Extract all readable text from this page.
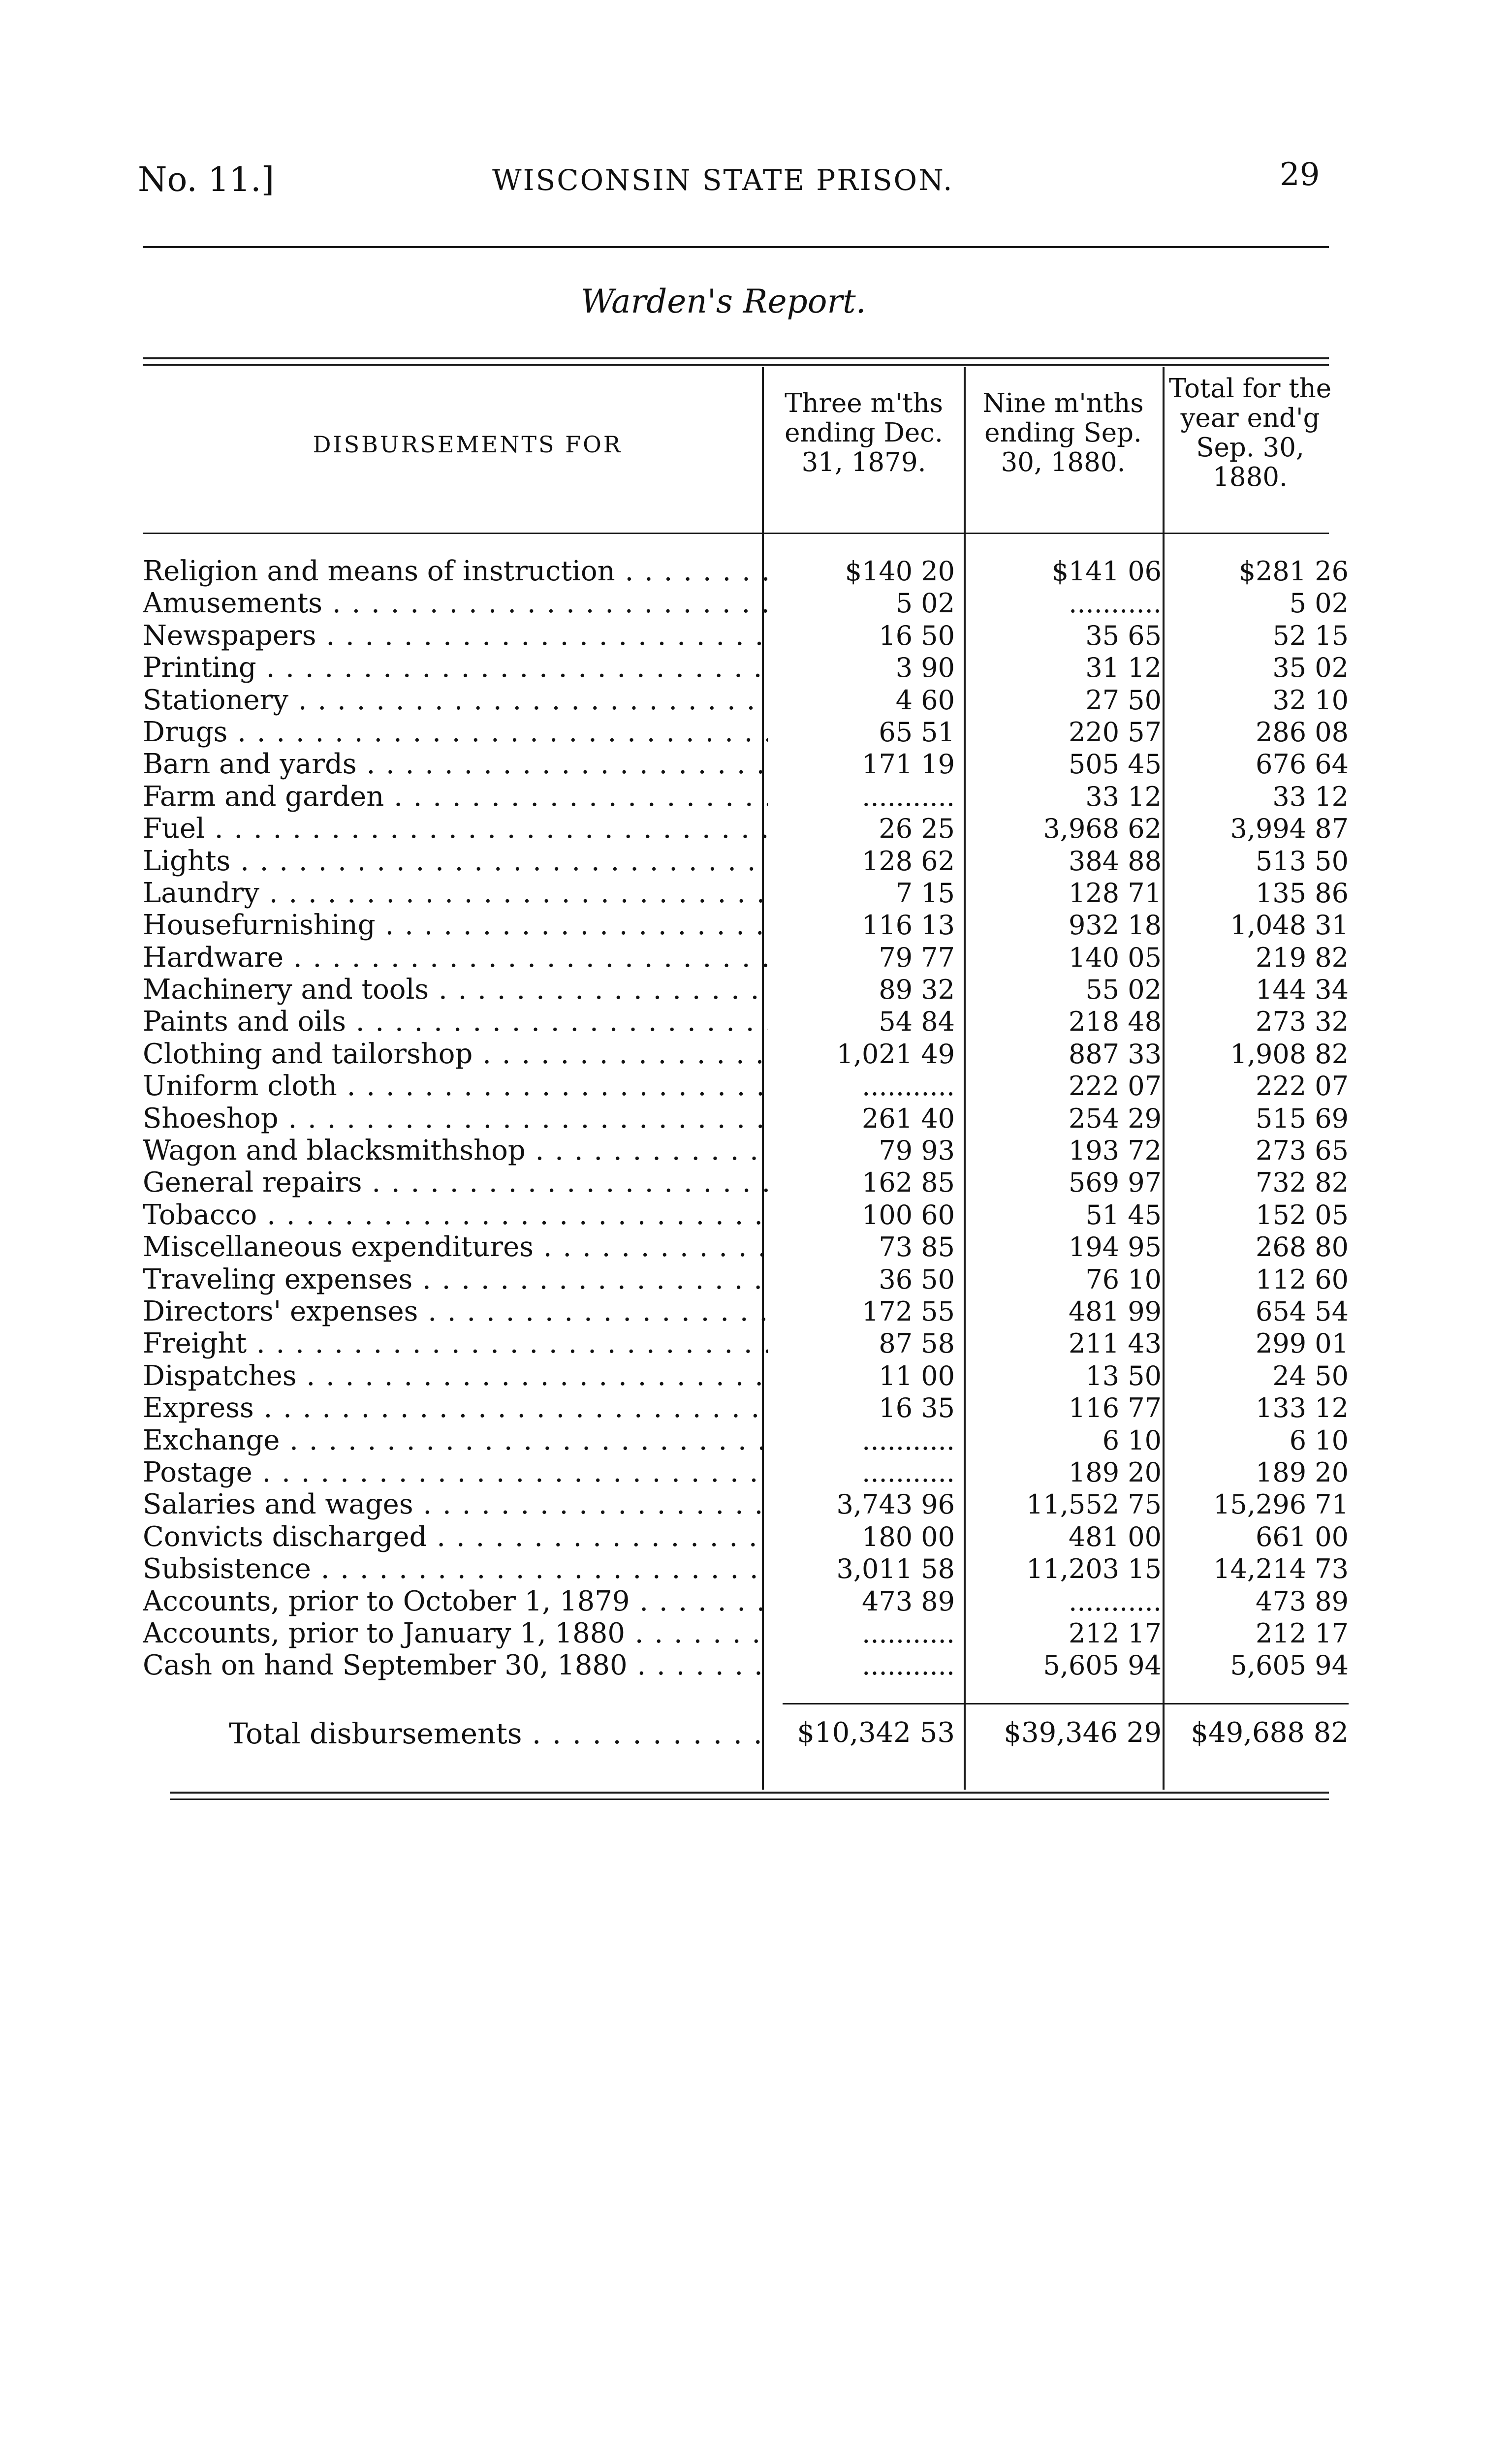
No. 11.]	WISCONSIN STATE PRISON.	29
Warden's Report.
DISBURSEMENTS FOR
Three m'ths ending Dec. 31, 1879.
Nine m'nths ending Sep. 30, 1880.
Total for the year end'g Sep. 30, 1880.
Religion and means of instruction . . .	$140 20	$141 06	$281 26
Amusements . . .	5 02	...........	5 02
Newspapers . . .	16 50	35 65	52 15
Printing . . .	3 90	31 12	35 02
Stationery . . .	4 60	27 50	32 10
Drugs . . .	65 51	220 57	286 08
Barn and yards . . .	171 19	505 45	676 64
Farm and garden . . .	...........	33 12	33 12
Fuel . . .	26 25	3,968 62	3,994 87
Lights . . .	128 62	384 88	513 50
Laundry . . .	7 15	128 71	135 86
Housefurnishing . . .	116 13	932 18	1,048 31
Hardware . . .	79 77	140 05	219 82
Machinery and tools . . .	89 32	55 02	144 34
Paints and oils . . .	54 84	218 48	273 32
Clothing and tailorshop . . .	1,021 49	887 33	1,908 82
Uniform cloth . . .	...........	222 07	222 07
Shoeshop . . .	261 40	254 29	515 69
Wagon and blacksmithshop . . .	79 93	193 72	273 65
General repairs . . .	162 85	569 97	732 82
Tobacco . . .	100 60	51 45	152 05
Miscellaneous expenditures . . .	73 85	194 95	268 80
Traveling expenses . . .	36 50	76 10	112 60
Directors' expenses . . .	172 55	481 99	654 54
Freight . . .	87 58	211 43	299 01
Dispatches . . .	11 00	13 50	24 50
Express . . .	16 35	116 77	133 12
Exchange . . .	...........	6 10	6 10
Postage . . .	...........	189 20	189 20
Salaries and wages . . .	3,743 96	11,552 75	15,296 71
Convicts discharged . . .	180 00	481 00	661 00
Subsistence . . .	3,011 58	11,203 15	14,214 73
Accounts, prior to October 1, 1879 . . .	473 89	...........	473 89
Accounts, prior to January 1, 1880 . . .	...........	212 17	212 17
Cash on hand September 30, 1880 . . .	...........	5,605 94	5,605 94
Total disbursements . . .	$10,342 53	$39,346 29	$49,688 82
